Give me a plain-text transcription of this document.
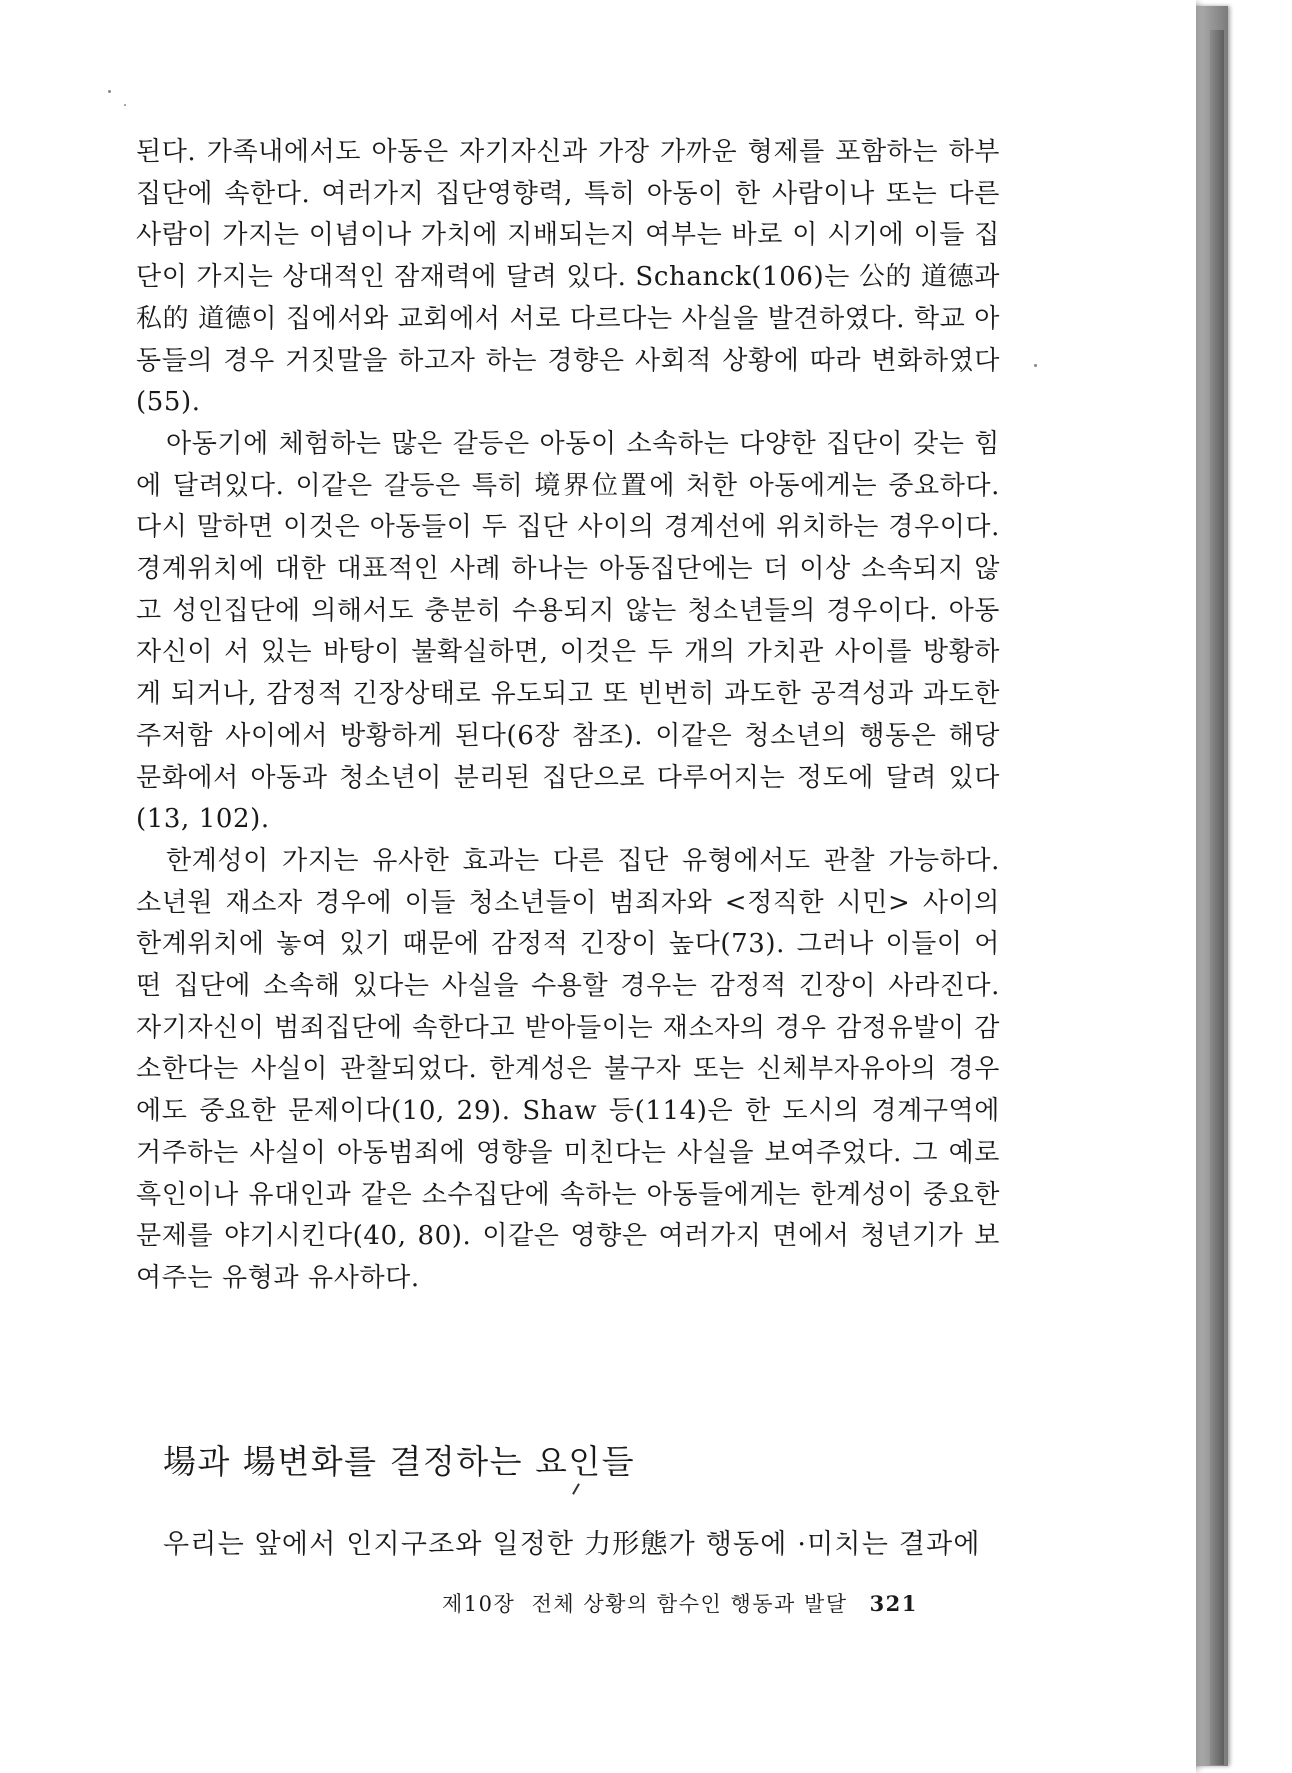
된다. 가족내에서도 아동은 자기자신과 가장 가까운 형제를 포함하는 하부집단에 속한다. 여러가지 집단영향력, 특히 아동이 한 사람이나 또는 다른 사람이 가지는 이념이나 가치에 지배되는지 여부는 바로 이 시기에 이들 집단이 가지는 상대적인 잠재력에 달려 있다. Schanck(106)는 公的 道德과 私的 道德이 집에서와 교회에서 서로 다르다는 사실을 발견하였다. 학교 아동들의 경우 거짓말을 하고자 하는 경향은 사회적 상황에 따라 변화하였다(55).

아동기에 체험하는 많은 갈등은 아동이 소속하는 다양한 집단이 갖는 힘에 달려있다. 이같은 갈등은 특히 境界位置에 처한 아동에게는 중요하다. 다시 말하면 이것은 아동들이 두 집단 사이의 경계선에 위치하는 경우이다. 경계위치에 대한 대표적인 사례 하나는 아동집단에는 더 이상 소속되지 않고 성인집단에 의해서도 충분히 수용되지 않는 청소년들의 경우이다. 아동자신이 서 있는 바탕이 불확실하면, 이것은 두 개의 가치관 사이를 방황하게 되거나, 감정적 긴장상태로 유도되고 또 빈번히 과도한 공격성과 과도한 주저함 사이에서 방황하게 된다(6장 참조). 이같은 청소년의 행동은 해당 문화에서 아동과 청소년이 분리된 집단으로 다루어지는 정도에 달려 있다(13, 102).

한계성이 가지는 유사한 효과는 다른 집단 유형에서도 관찰 가능하다. 소년원 재소자 경우에 이들 청소년들이 범죄자와 <정직한 시민> 사이의 한계위치에 놓여 있기 때문에 감정적 긴장이 높다(73). 그러나 이들이 어떤 집단에 소속해 있다는 사실을 수용할 경우는 감정적 긴장이 사라진다. 자기자신이 범죄집단에 속한다고 받아들이는 재소자의 경우 감정유발이 감소한다는 사실이 관찰되었다. 한계성은 불구자 또는 신체부자유아의 경우에도 중요한 문제이다(10, 29). Shaw 등(114)은 한 도시의 경계구역에 거주하는 사실이 아동범죄에 영향을 미친다는 사실을 보여주었다. 그 예로 흑인이나 유대인과 같은 소수집단에 속하는 아동들에게는 한계성이 중요한 문제를 야기시킨다(40, 80). 이같은 영향은 여러가지 면에서 청년기가 보여주는 유형과 유사하다.

場과 場변화를 결정하는 요인들

우리는 앞에서 인지구조와 일정한 力形態가 행동에 ·미치는 결과에

제10장  전체 상황의 함수인 행동과 발달 321
